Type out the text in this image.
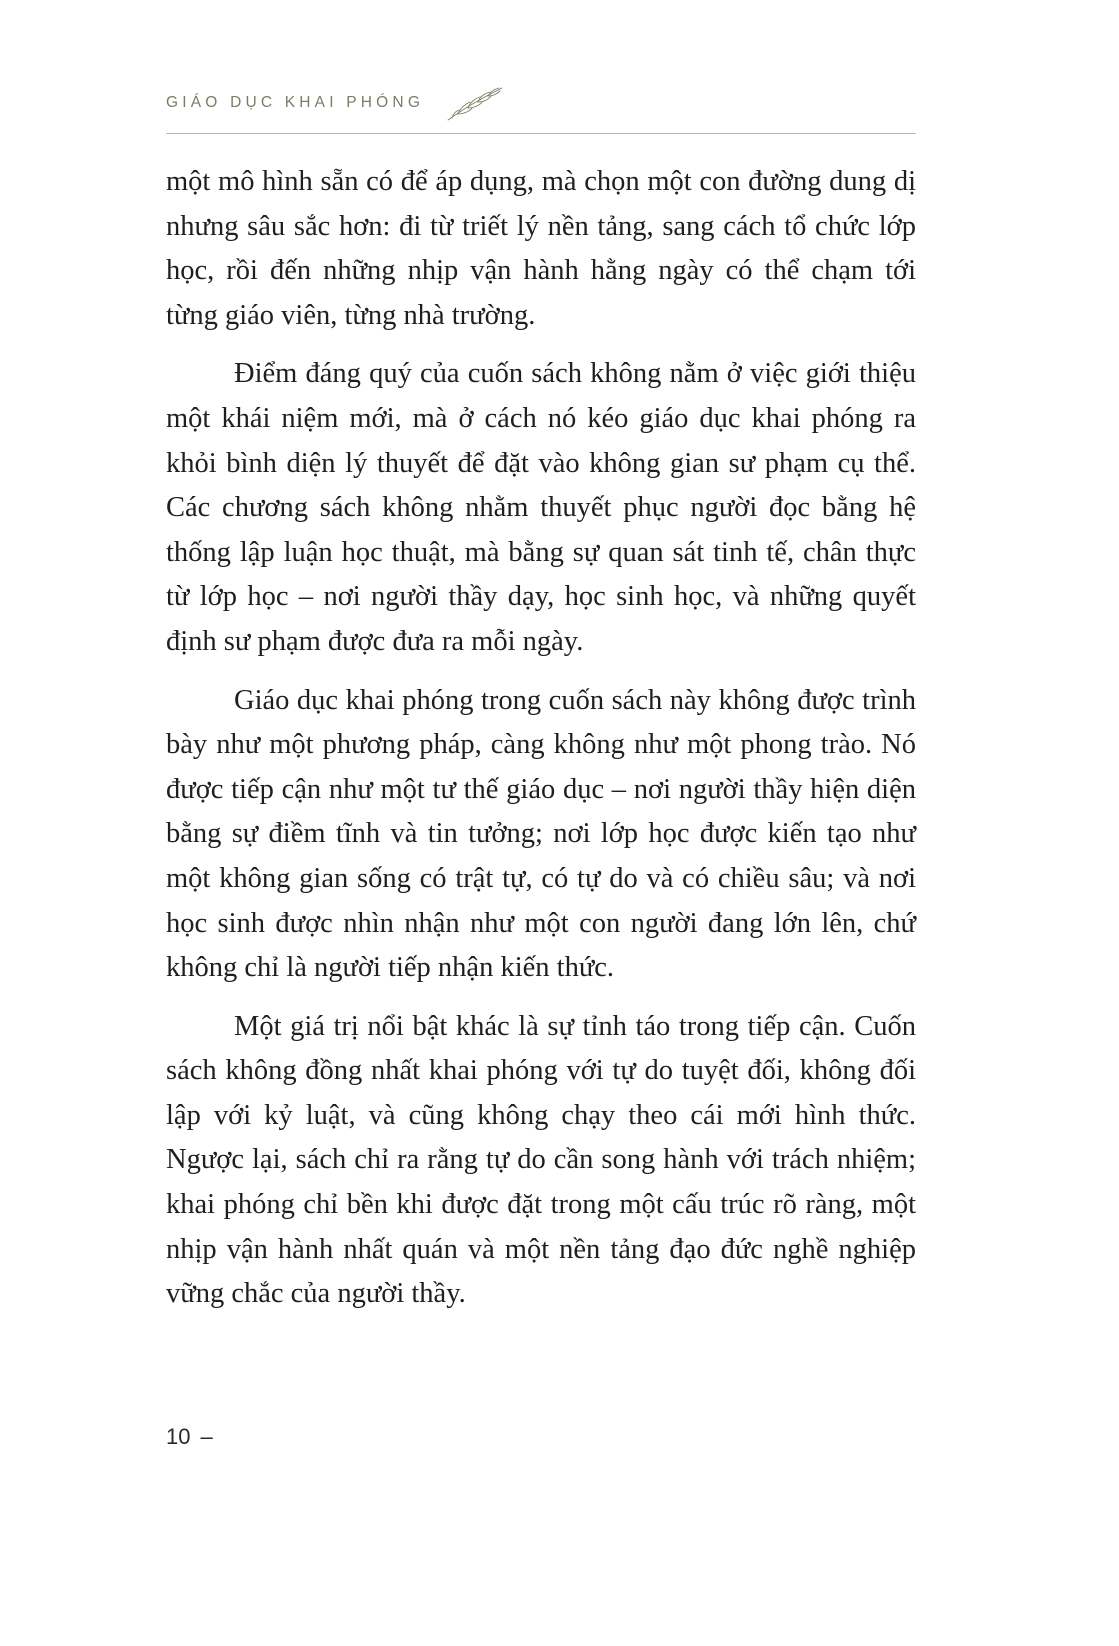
GIÁO DỤC KHAI PHÓNG

một mô hình sẵn có để áp dụng, mà chọn một con đường dung dị nhưng sâu sắc hơn: đi từ triết lý nền tảng, sang cách tổ chức lớp học, rồi đến những nhịp vận hành hằng ngày có thể chạm tới từng giáo viên, từng nhà trường.

Điểm đáng quý của cuốn sách không nằm ở việc giới thiệu một khái niệm mới, mà ở cách nó kéo giáo dục khai phóng ra khỏi bình diện lý thuyết để đặt vào không gian sư phạm cụ thể. Các chương sách không nhằm thuyết phục người đọc bằng hệ thống lập luận học thuật, mà bằng sự quan sát tinh tế, chân thực từ lớp học – nơi người thầy dạy, học sinh học, và những quyết định sư phạm được đưa ra mỗi ngày.

Giáo dục khai phóng trong cuốn sách này không được trình bày như một phương pháp, càng không như một phong trào. Nó được tiếp cận như một tư thế giáo dục – nơi người thầy hiện diện bằng sự điềm tĩnh và tin tưởng; nơi lớp học được kiến tạo như một không gian sống có trật tự, có tự do và có chiều sâu; và nơi học sinh được nhìn nhận như một con người đang lớn lên, chứ không chỉ là người tiếp nhận kiến thức.

Một giá trị nổi bật khác là sự tỉnh táo trong tiếp cận. Cuốn sách không đồng nhất khai phóng với tự do tuyệt đối, không đối lập với kỷ luật, và cũng không chạy theo cái mới hình thức. Ngược lại, sách chỉ ra rằng tự do cần song hành với trách nhiệm; khai phóng chỉ bền khi được đặt trong một cấu trúc rõ ràng, một nhịp vận hành nhất quán và một nền tảng đạo đức nghề nghiệp vững chắc của người thầy.

10 –
